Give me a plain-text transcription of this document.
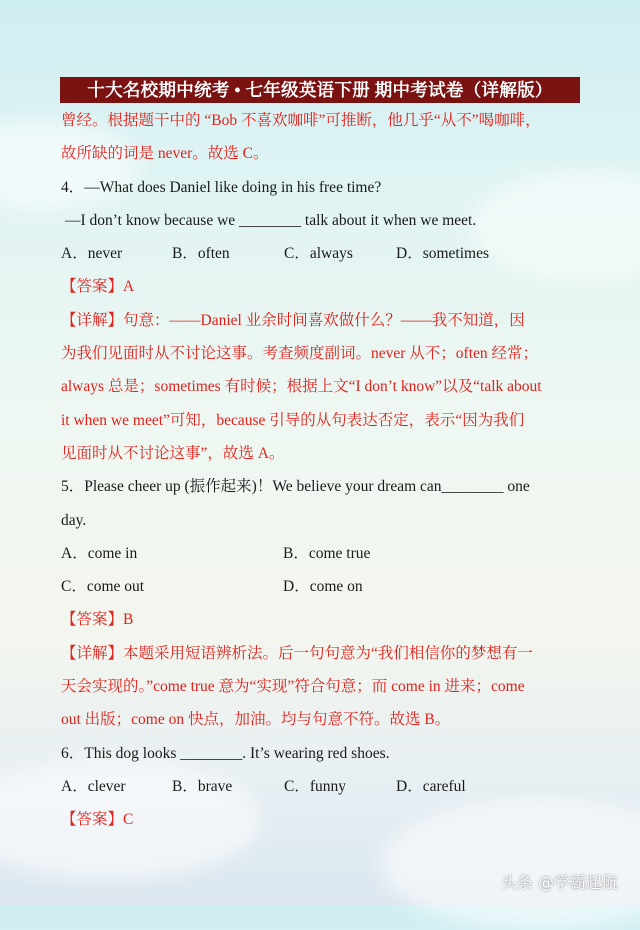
十大名校期中统考 • 七年级英语下册 期中考试卷（详解版）
曾经。根据题干中的 “Bob 不喜欢咖啡”可推断，他几乎“从不”喝咖啡，
故所缺的词是 never。故选 C。
4．—What does Daniel like doing in his free time?
—I don’t know because we ________ talk about it when we meet.
A．never	B．often	C．always	D．sometimes
【答案】A
【详解】句意：——Daniel 业余时间喜欢做什么？——我不知道，因
为我们见面时从不讨论这事。考查频度副词。never 从不；often 经常；
always 总是；sometimes 有时候；根据上文“I don’t know”以及“talk about
it when we meet”可知，because 引导的从句表达否定，表示“因为我们
见面时从不讨论这事”，故选 A。
5．Please cheer up (振作起来)！We believe your dream can________ one
day.
A．come in	B．come true
C．come out	D．come on
【答案】B
【详解】本题采用短语辨析法。后一句句意为“我们相信你的梦想有一
天会实现的。”come true 意为“实现”符合句意；而 come in 进来；come
out 出版；come on 快点，加油。均与句意不符。故选 B。
6．This dog looks ________. It’s wearing red shoes.
A．clever	B．brave	C．funny	D．careful
【答案】C
头条 @学霸起航
